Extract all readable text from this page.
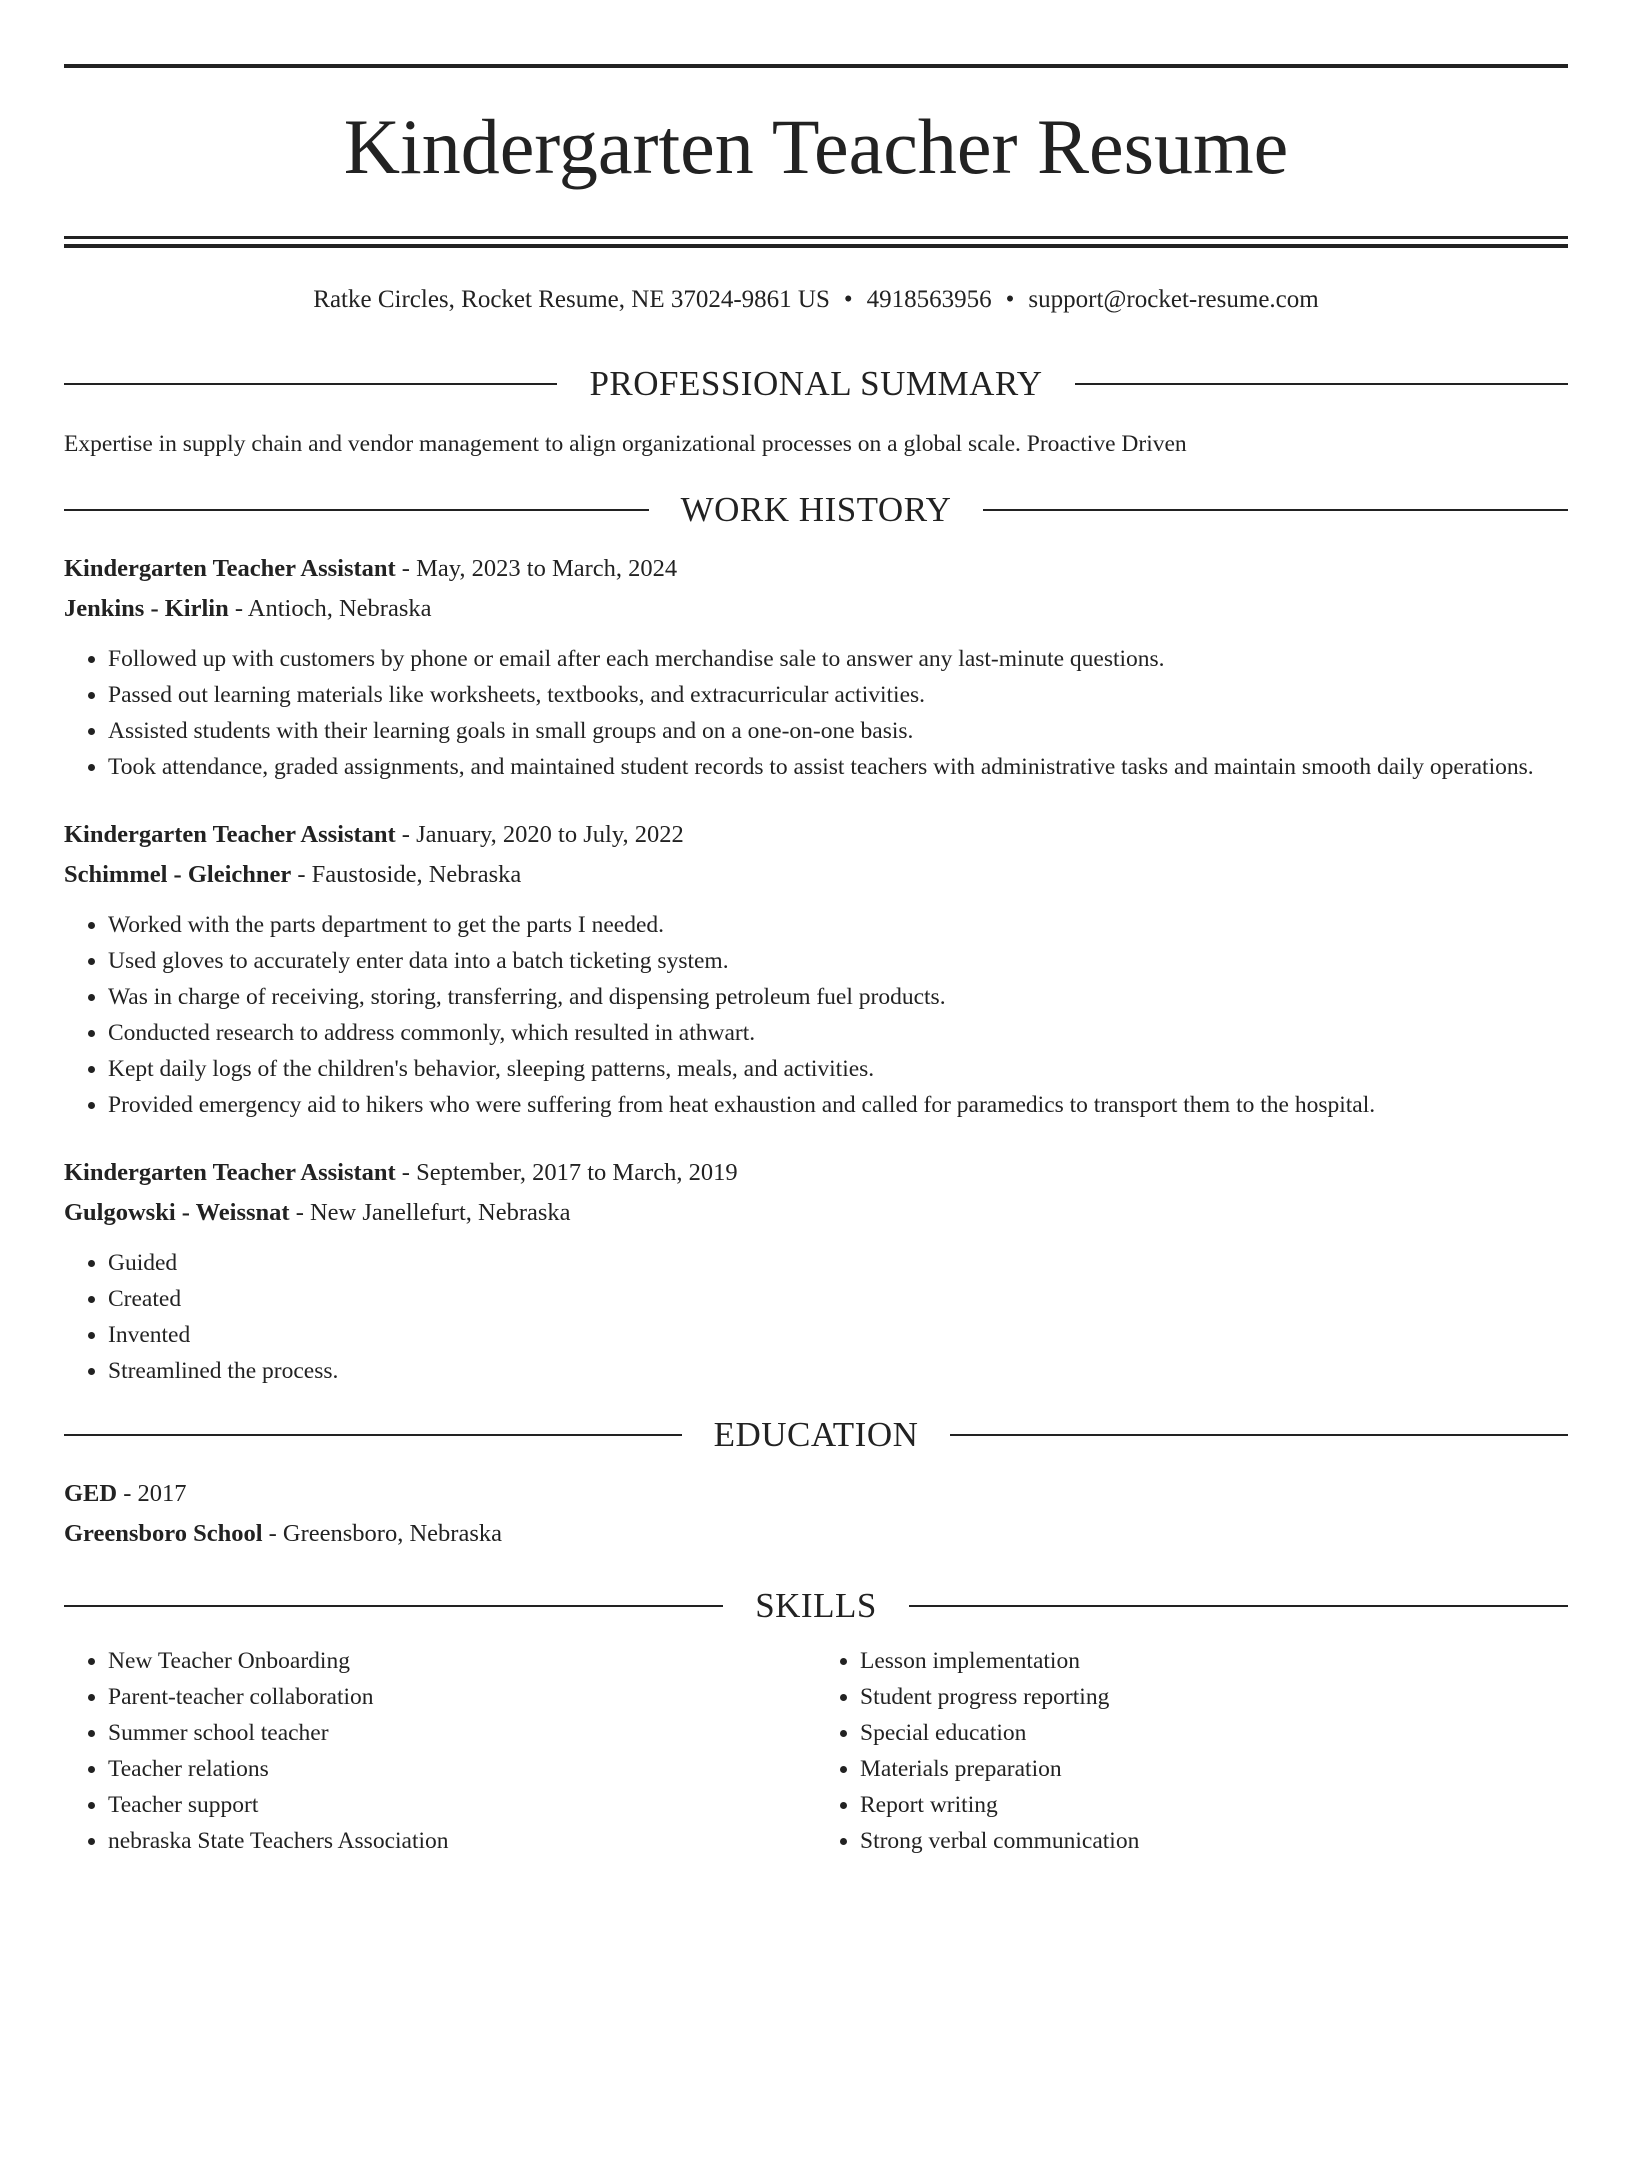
Kindergarten Teacher Resume
Ratke Circles, Rocket Resume, NE 37024-9861 US • 4918563956 • support@rocket-resume.com
PROFESSIONAL SUMMARY
Expertise in supply chain and vendor management to align organizational processes on a global scale. Proactive Driven
WORK HISTORY
Kindergarten Teacher Assistant - May, 2023 to March, 2024
Jenkins - Kirlin - Antioch, Nebraska
• Followed up with customers by phone or email after each merchandise sale to answer any last-minute questions.
• Passed out learning materials like worksheets, textbooks, and extracurricular activities.
• Assisted students with their learning goals in small groups and on a one-on-one basis.
• Took attendance, graded assignments, and maintained student records to assist teachers with administrative tasks and maintain smooth daily operations.
Kindergarten Teacher Assistant - January, 2020 to July, 2022
Schimmel - Gleichner - Faustoside, Nebraska
• Worked with the parts department to get the parts I needed.
• Used gloves to accurately enter data into a batch ticketing system.
• Was in charge of receiving, storing, transferring, and dispensing petroleum fuel products.
• Conducted research to address commonly, which resulted in athwart.
• Kept daily logs of the children's behavior, sleeping patterns, meals, and activities.
• Provided emergency aid to hikers who were suffering from heat exhaustion and called for paramedics to transport them to the hospital.
Kindergarten Teacher Assistant - September, 2017 to March, 2019
Gulgowski - Weissnat - New Janellefurt, Nebraska
• Guided
• Created
• Invented
• Streamlined the process.
EDUCATION
GED - 2017
Greensboro School - Greensboro, Nebraska
SKILLS
• New Teacher Onboarding
• Parent-teacher collaboration
• Summer school teacher
• Teacher relations
• Teacher support
• nebraska State Teachers Association
• Lesson implementation
• Student progress reporting
• Special education
• Materials preparation
• Report writing
• Strong verbal communication
